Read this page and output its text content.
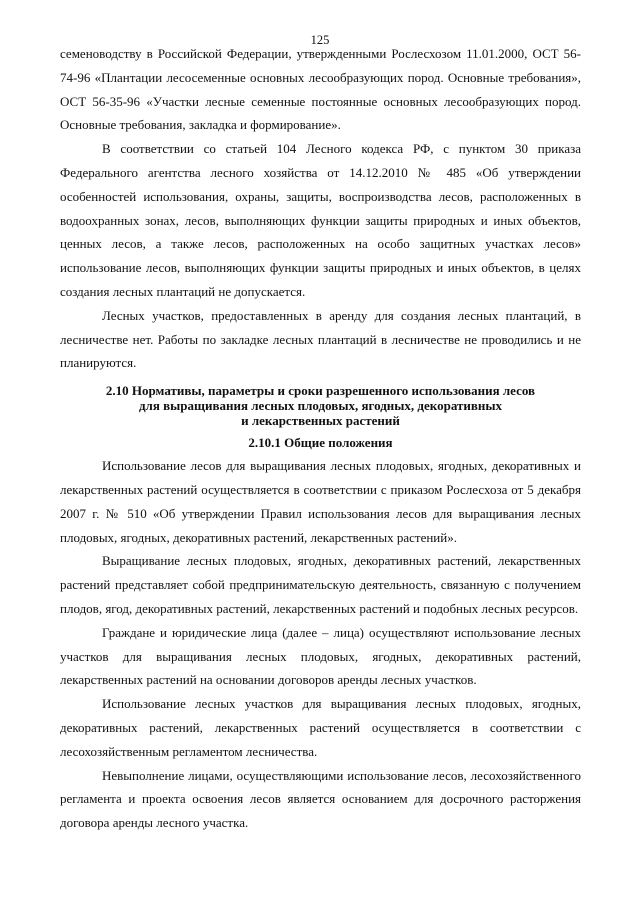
125

семеноводству в Российской Федерации, утвержденными Рослесхозом 11.01.2000, ОСТ 56-74-96 «Плантации лесосеменные основных лесообразующих пород. Основные требования», ОСТ 56-35-96 «Участки лесные семенные постоянные основных лесообразующих пород. Основные требования, закладка и формирование».

В соответствии со статьей 104 Лесного кодекса РФ, с пунктом 30 приказа Федерального агентства лесного хозяйства от 14.12.2010 № 485 «Об утверждении особенностей использования, охраны, защиты, воспроизводства лесов, расположенных в водоохранных зонах, лесов, выполняющих функции защиты природных и иных объектов, ценных лесов, а также лесов, расположенных на особо защитных участках лесов» использование лесов, выполняющих функции защиты природных и иных объектов, в целях создания лесных плантаций не допускается.

Лесных участков, предоставленных в аренду для создания лесных плантаций, в лесничестве нет. Работы по закладке лесных плантаций в лесничестве не проводились и не планируются.

2.10 Нормативы, параметры и сроки разрешенного использования лесов
для выращивания лесных плодовых, ягодных, декоративных
и лекарственных растений
2.10.1 Общие положения

Использование лесов для выращивания лесных плодовых, ягодных, декоративных и лекарственных растений осуществляется в соответствии с приказом Рослесхоза от 5 декабря 2007 г. № 510 «Об утверждении Правил использования лесов для выращивания лесных плодовых, ягодных, декоративных растений, лекарственных растений».

Выращивание лесных плодовых, ягодных, декоративных растений, лекарственных растений представляет собой предпринимательскую деятельность, связанную с получением плодов, ягод, декоративных растений, лекарственных растений и подобных лесных ресурсов.

Граждане и юридические лица (далее – лица) осуществляют использование лесных участков для выращивания лесных плодовых, ягодных, декоративных растений, лекарственных растений на основании договоров аренды лесных участков.

Использование лесных участков для выращивания лесных плодовых, ягодных, декоративных растений, лекарственных растений осуществляется в соответствии с лесохозяйственным регламентом лесничества.

Невыполнение лицами, осуществляющими использование лесов, лесохозяйственного регламента и проекта освоения лесов является основанием для досрочного расторжения договора аренды лесного участка.
